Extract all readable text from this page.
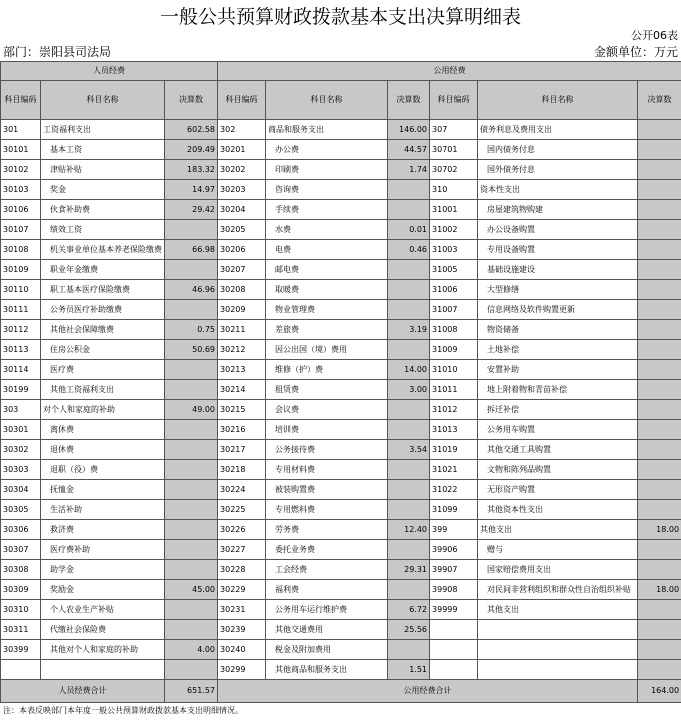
一般公共预算财政拨款基本支出决算明细表
公开06表
部门：崇阳县司法局	金额单位：万元
人员经费			公用经费					
科目编码	科目名称	决算数	科目编码	科目名称	决算数	科目编码	科目名称	决算数
301	工资福利支出	602.58	302	商品和服务支出	146.00	307	债务利息及费用支出	
30101	基本工资	209.49	30201	办公费	44.57	30701	国内债务付息	
30102	津贴补贴	183.32	30202	印刷费	1.74	30702	国外债务付息	
30103	奖金	14.97	30203	咨询费		310	资本性支出	
30106	伙食补助费	29.42	30204	手续费		31001	房屋建筑物购建	
30107	绩效工资		30205	水费	0.01	31002	办公设备购置	
30108	机关事业单位基本养老保险缴费	66.98	30206	电费	0.46	31003	专用设备购置	
30109	职业年金缴费		30207	邮电费		31005	基础设施建设	
30110	职工基本医疗保险缴费	46.96	30208	取暖费		31006	大型修缮	
30111	公务员医疗补助缴费		30209	物业管理费		31007	信息网络及软件购置更新	
30112	其他社会保障缴费	0.75	30211	差旅费	3.19	31008	物资储备	
30113	住房公积金	50.69	30212	因公出国（境）费用		31009	土地补偿	
30114	医疗费		30213	维修（护）费	14.00	31010	安置补助	
30199	其他工资福利支出		30214	租赁费	3.00	31011	地上附着物和青苗补偿	
303	对个人和家庭的补助	49.00	30215	会议费		31012	拆迁补偿	
30301	离休费		30216	培训费		31013	公务用车购置	
30302	退休费		30217	公务接待费	3.54	31019	其他交通工具购置	
30303	退职（役）费		30218	专用材料费		31021	文物和陈列品购置	
30304	抚恤金		30224	被装购置费		31022	无形资产购置	
30305	生活补助		30225	专用燃料费		31099	其他资本性支出	
30306	救济费		30226	劳务费	12.40	399	其他支出	18.00
30307	医疗费补助		30227	委托业务费		39906	赠与	
30308	助学金		30228	工会经费	29.31	39907	国家赔偿费用支出	
30309	奖励金	45.00	30229	福利费		39908	对民间非营利组织和群众性自治组织补贴	18.00
30310	个人农业生产补贴		30231	公务用车运行维护费	6.72	39999	其他支出	
30311	代缴社会保险费		30239	其他交通费用	25.56			
30399	其他对个人和家庭的补助	4.00	30240	税金及附加费用				
			30299	其他商品和服务支出	1.51			
人员经费合计		651.57	公用经费合计					164.00
注：本表反映部门本年度一般公共预算财政拨款基本支出明细情况。
